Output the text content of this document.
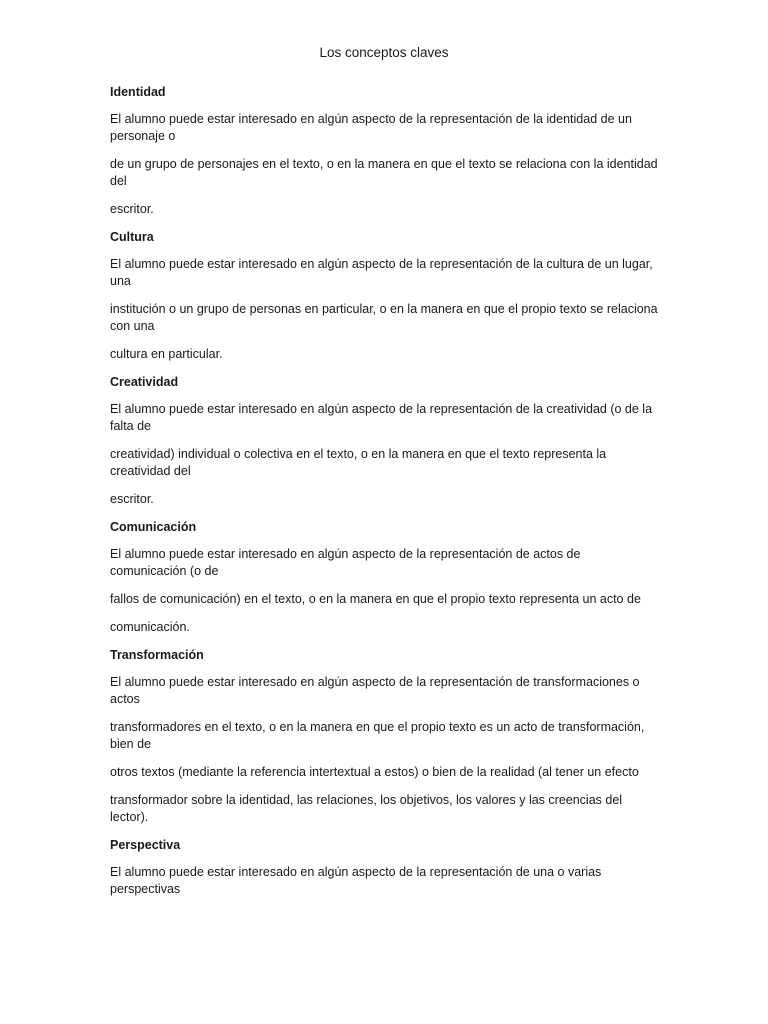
Los conceptos claves
Identidad
El alumno puede estar interesado en algún aspecto de la representación de la identidad de un personaje o
de un grupo de personajes en el texto, o en la manera en que el texto se relaciona con la identidad del
escritor.
Cultura
El alumno puede estar interesado en algún aspecto de la representación de la cultura de un lugar, una
institución o un grupo de personas en particular, o en la manera en que el propio texto se relaciona con una
cultura en particular.
Creatividad
El alumno puede estar interesado en algún aspecto de la representación de la creatividad (o de la falta de
creatividad) individual o colectiva en el texto, o en la manera en que el texto representa la creatividad del
escritor.
Comunicación
El alumno puede estar interesado en algún aspecto de la representación de actos de comunicación (o de
fallos de comunicación) en el texto, o en la manera en que el propio texto representa un acto de
comunicación.
Transformación
El alumno puede estar interesado en algún aspecto de la representación de transformaciones o actos
transformadores en el texto, o en la manera en que el propio texto es un acto de transformación, bien de
otros textos (mediante la referencia intertextual a estos) o bien de la realidad (al tener un efecto
transformador sobre la identidad, las relaciones, los objetivos, los valores y las creencias del lector).
Perspectiva
El alumno puede estar interesado en algún aspecto de la representación de una o varias perspectivas
